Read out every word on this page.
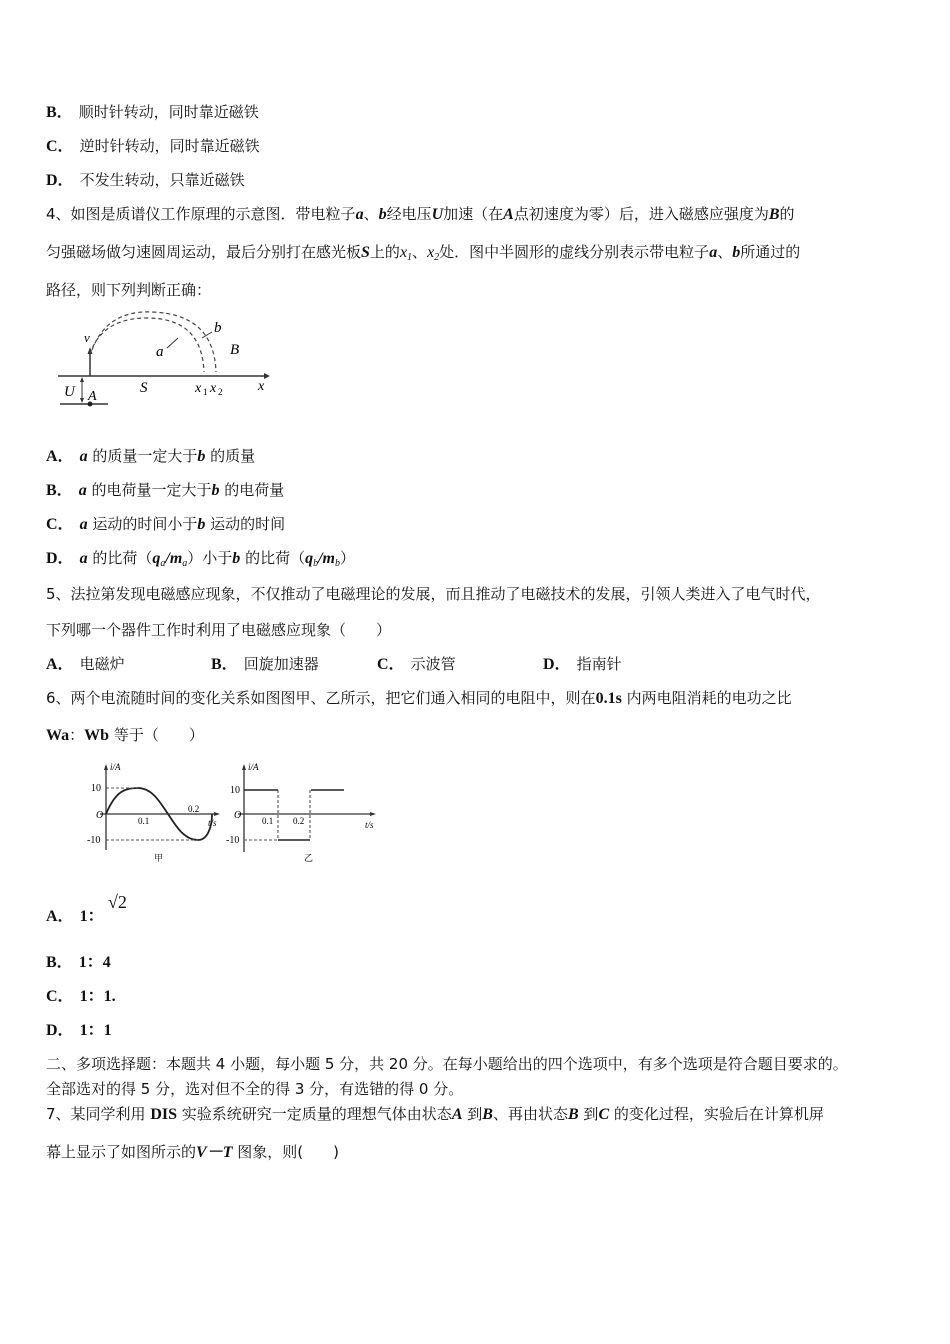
B． 顺时针转动，同时靠近磁铁
C． 逆时针转动，同时靠近磁铁
D． 不发生转动，只靠近磁铁
4、如图是质谱仪工作原理的示意图．带电粒子a、b经电压U加速（在A点初速度为零）后，进入磁感应强度为B的
匀强磁场做匀速圆周运动，最后分别打在感光板S上的$x_1$、$x_2$处．图中半圆形的虚线分别表示带电粒子a、b所通过的
路径，则下列判断正确：
v
a
b
B
U A
S	x 1 x 2	x
A． a 的质量一定大于b 的质量
B． a 的电荷量一定大于b 的电荷量
C． a 运动的时间小于b 运动的时间
D． a 的比荷$(q_a/m_a)$小于b 的比荷$(q_b/m_b)$
5、法拉第发现电磁感应现象，不仅推动了电磁理论的发展，而且推动了电磁技术的发展，引领人类进入了电气时代，
下列哪一个器件工作时利用了电磁感应现象（　　）
A． 电磁炉	B． 回旋加速器	C． 示波管	D． 指南针
6、两个电流随时间的变化关系如图图甲、乙所示，把它们通入相同的电阻中，则在0.1s 内两电阻消耗的电功之比
Wa：Wb 等于（　　）
i/A
t/s
O
10
-10
0.1
0.2
甲
i/A
t/s
O
10
-10
0.1 0.2
乙
A． 1：
√2
B． 1：4
C． 1：1.
D． 1：1
二、多项选择题：本题共 4 小题，每小题 5 分，共 20 分。在每小题给出的四个选项中，有多个选项是符合题目要求的。
全部选对的得 5 分，选对但不全的得 3 分，有选错的得 0 分。
7、某同学利用 DIS 实验系统研究一定质量的理想气体由状态A 到B、再由状态B 到C 的变化过程，实验后在计算机屏
幕上显示了如图所示的V－T 图象，则(　　)
